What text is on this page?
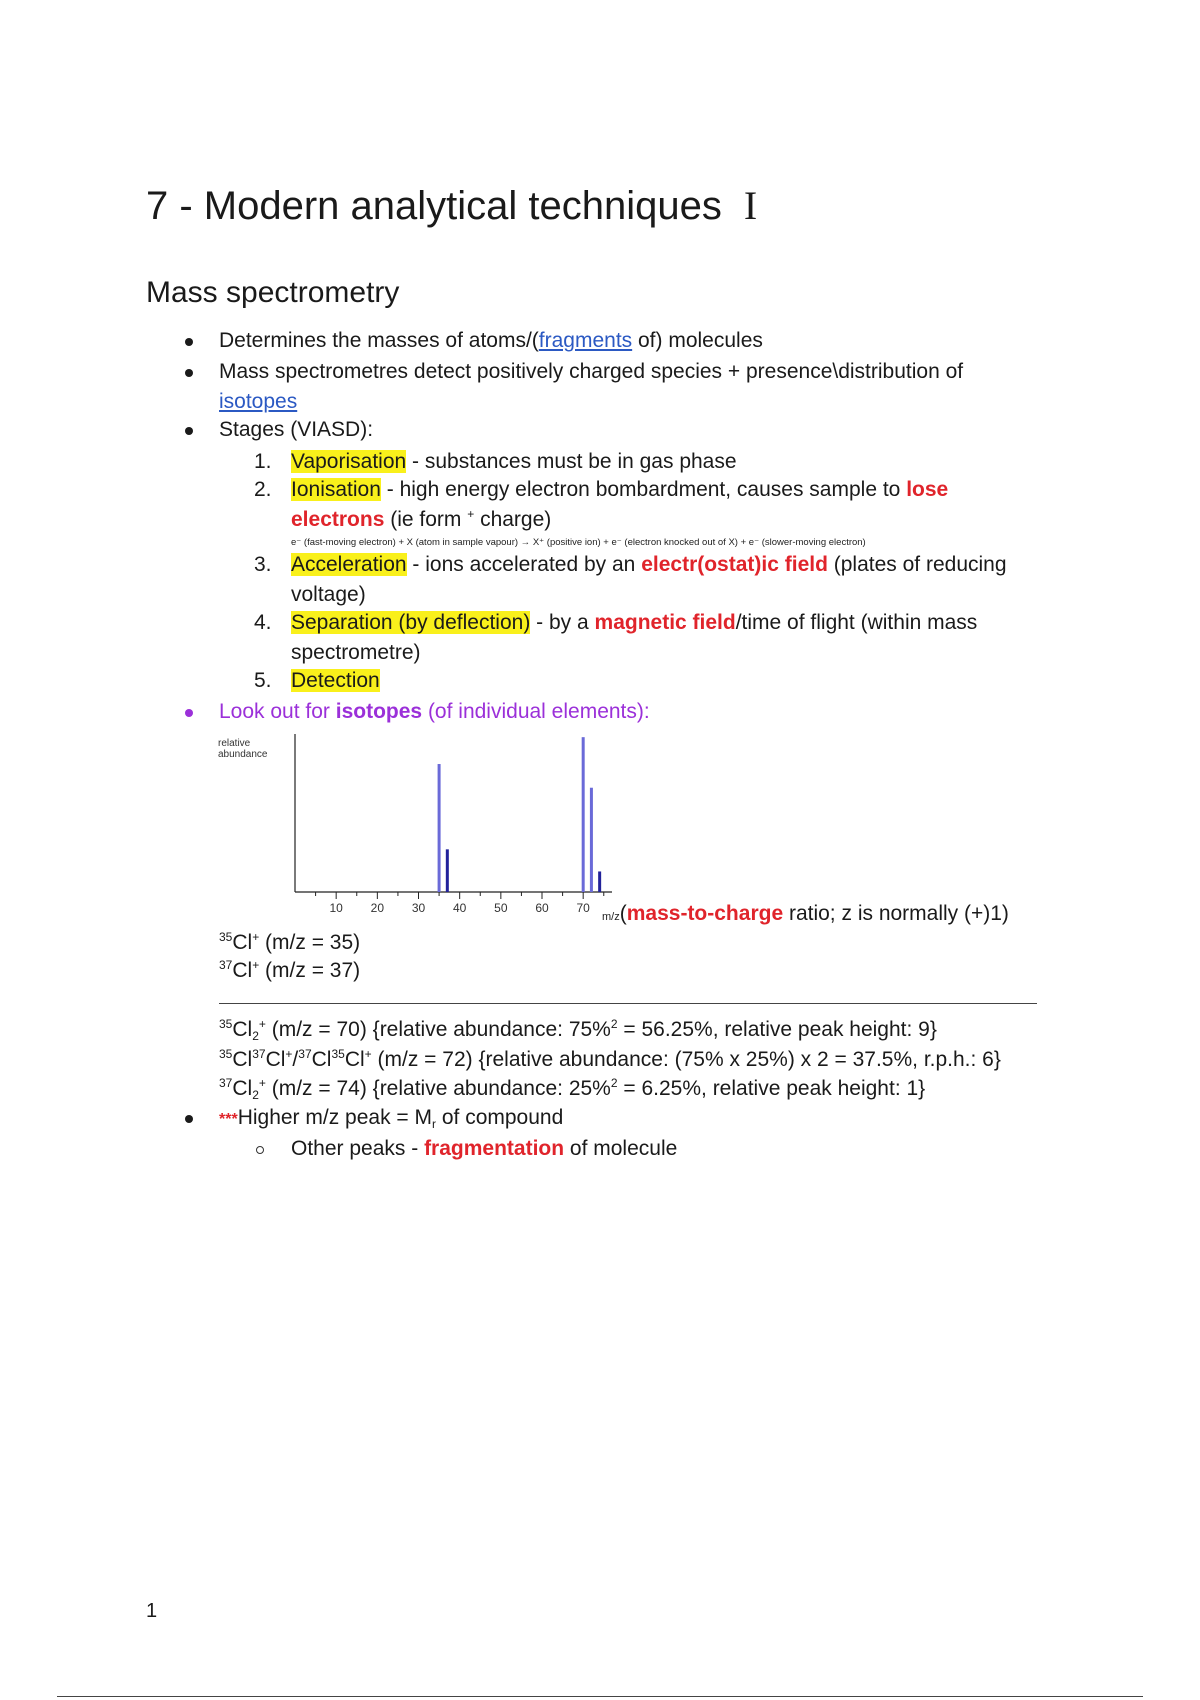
7 - Modern analytical techniques I
Mass spectrometry
Determines the masses of atoms/(fragments of) molecules
Mass spectrometres detect positively charged species + presence\distribution of
isotopes
Stages (VIASD):
1. Vaporisation - substances must be in gas phase
2. Ionisation - high energy electron bombardment, causes sample to lose
electrons (ie form + charge)
e⁻ (fast-moving electron) + X (atom in sample vapour) → X⁺ (positive ion) + e⁻ (electron knocked out of X) + e⁻ (slower-moving electron)
3. Acceleration - ions accelerated by an electr(ostat)ic field (plates of reducing
voltage)
4. Separation (by deflection) - by a magnetic field/time of flight (within mass
spectrometre)
5. Detection
Look out for isotopes (of individual elements):
relative
abundance
10 20 30 40 50 60 70
m/z(mass-to-charge ratio; z is normally (+)1)
$^{35}$Cl+ (m/z = 35)
$^{37}$Cl+ (m/z = 37)
$^{35}Cl_2^+$ (m/z = 70) {relative abundance: 75%$^2$ = 56.25%, relative peak height: 9}
$^{35}$Cl$^{37}$Cl+/$^{37}$Cl$^{35}$Cl+ (m/z = 72) {relative abundance: (75% x 25%) x 2 = 37.5%, r.p.h.: 6}
$^{37}Cl_2^+$ (m/z = 74) {relative abundance: 25%$^2$ = 6.25%, relative peak height: 1}
***Higher m/z peak = $M_r$ of compound
Other peaks - fragmentation of molecule
1
